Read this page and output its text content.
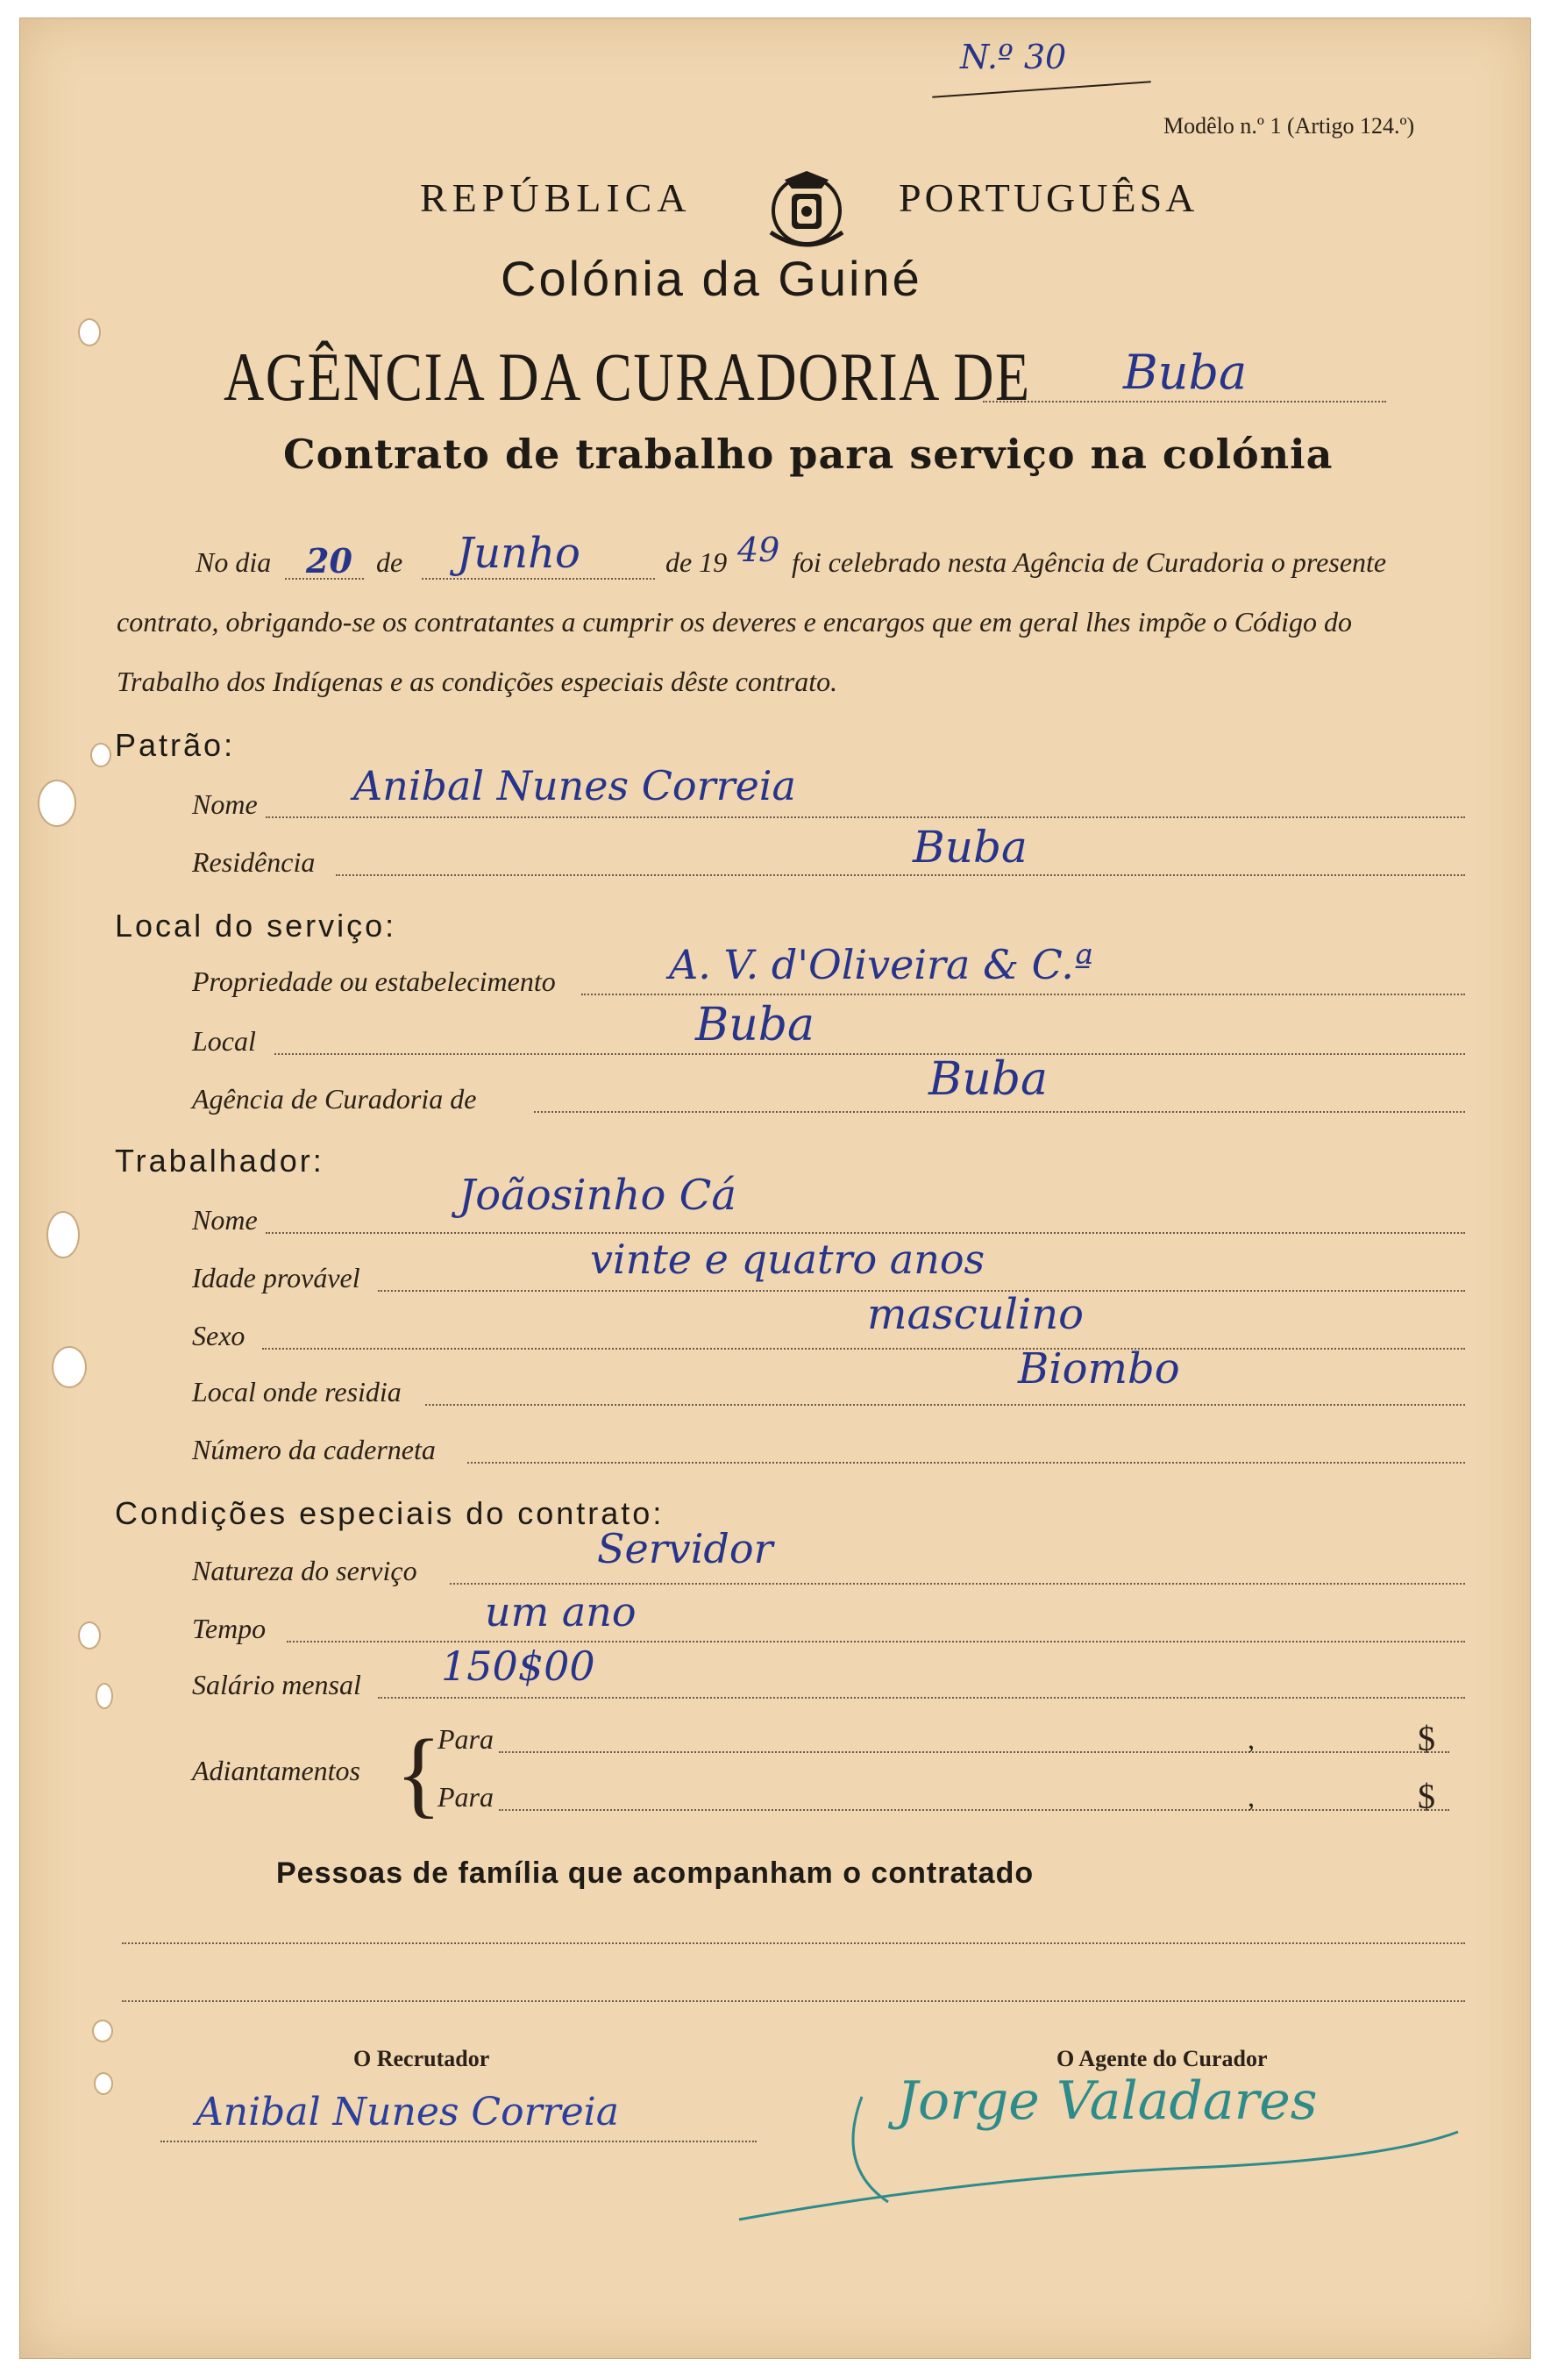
N.º 30
Modêlo n.º 1 (Artigo 124.º)
REPÚBLICA	PORTUGUÊSA
Colónia da Guiné
AGÊNCIA DA CURADORIA DE Buba
Contrato de trabalho para serviço na colónia
No dia 20 de Junho	de 19 49 foi celebrado nesta Agência de Curadoria o presente
contrato, obrigando-se os contratantes a cumprir os deveres e encargos que em geral lhes impõe o Código do
Trabalho dos Indígenas e as condições especiais dêste contrato.
Patrão:
Nome Anibal Nunes Correia
Residência	Buba
Local do serviço:
Propriedade ou estabelecimento	A. V. d'Oliveira & C.ª
Local	Buba
Agência de Curadoria de	Buba
Trabalhador:
Nome	Joãosinho Cá
Idade provável	vinte e quatro anos
Sexo	masculino
Local onde residia	Biombo
Número da caderneta
Condições especiais do contrato:
Natureza do serviço	Servidor
Tempo	um ano
Salário mensal 150$00
Adiantamentos {
Para	,	$
Para	,	$
Pessoas de família que acompanham o contratado
O Recrutador	O Agente do Curador
Anibal Nunes Correia	Jorge Valadares
